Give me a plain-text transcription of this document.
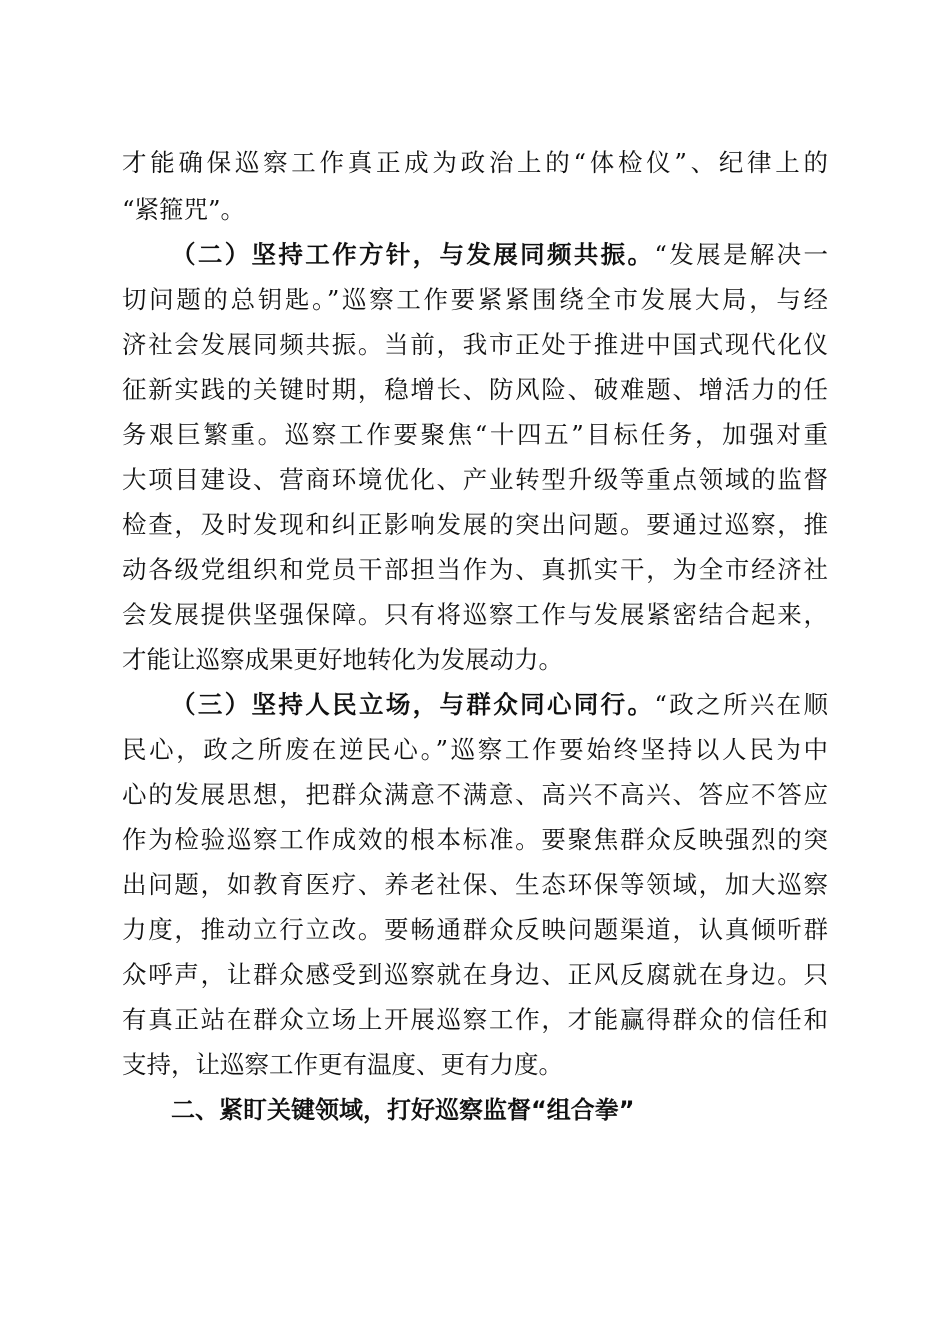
才能确保巡察工作真正成为政治上的“体检仪”、纪律上的
“紧箍咒”。
（二）坚持工作方针，与发展同频共振。“发展是解决一
切问题的总钥匙。”巡察工作要紧紧围绕全市发展大局，与经
济社会发展同频共振。当前，我市正处于推进中国式现代化仪
征新实践的关键时期，稳增长、防风险、破难题、增活力的任
务艰巨繁重。巡察工作要聚焦“十四五”目标任务，加强对重
大项目建设、营商环境优化、产业转型升级等重点领域的监督
检查，及时发现和纠正影响发展的突出问题。要通过巡察，推
动各级党组织和党员干部担当作为、真抓实干，为全市经济社
会发展提供坚强保障。只有将巡察工作与发展紧密结合起来，
才能让巡察成果更好地转化为发展动力。
（三）坚持人民立场，与群众同心同行。“政之所兴在顺
民心，政之所废在逆民心。”巡察工作要始终坚持以人民为中
心的发展思想，把群众满意不满意、高兴不高兴、答应不答应
作为检验巡察工作成效的根本标准。要聚焦群众反映强烈的突
出问题，如教育医疗、养老社保、生态环保等领域，加大巡察
力度，推动立行立改。要畅通群众反映问题渠道，认真倾听群
众呼声，让群众感受到巡察就在身边、正风反腐就在身边。只
有真正站在群众立场上开展巡察工作，才能赢得群众的信任和
支持，让巡察工作更有温度、更有力度。
二、紧盯关键领域，打好巡察监督“组合拳”
